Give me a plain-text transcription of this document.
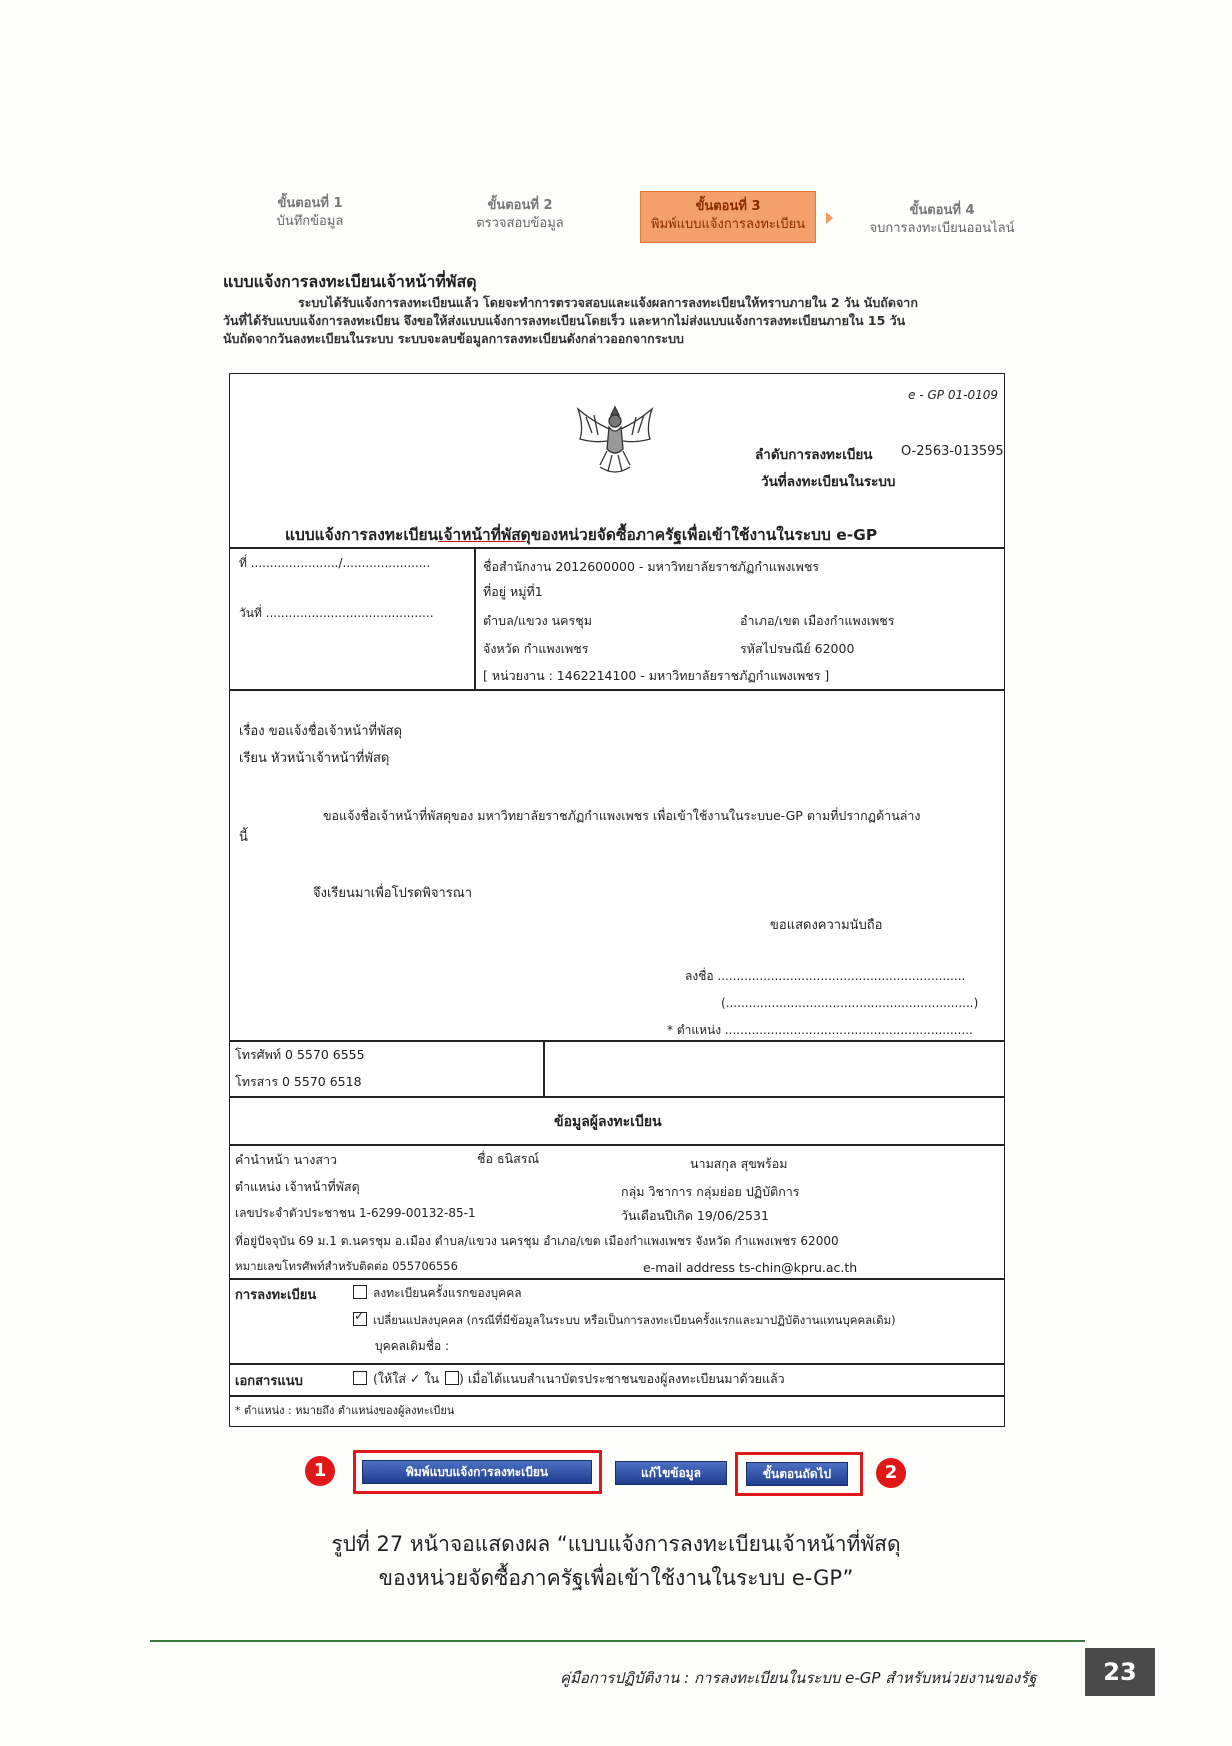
ขั้นตอนที่ 1
บันทึกข้อมูล
ขั้นตอนที่ 2
ตรวจสอบข้อมูล
ขั้นตอนที่ 3
พิมพ์แบบแจ้งการลงทะเบียน
ขั้นตอนที่ 4
จบการลงทะเบียนออนไลน์
แบบแจ้งการลงทะเบียนเจ้าหน้าที่พัสดุ
ระบบได้รับแจ้งการลงทะเบียนแล้ว โดยจะทำการตรวจสอบและแจ้งผลการลงทะเบียนให้ทราบภายใน 2 วัน นับถัดจาก
วันที่ได้รับแบบแจ้งการลงทะเบียน จึงขอให้ส่งแบบแจ้งการลงทะเบียนโดยเร็ว และหากไม่ส่งแบบแจ้งการลงทะเบียนภายใน 15 วัน
นับถัดจากวันลงทะเบียนในระบบ ระบบจะลบข้อมูลการลงทะเบียนดังกล่าวออกจากระบบ
e - GP 01-0109
ลำดับการลงทะเบียน O-2563-013595
วันที่ลงทะเบียนในระบบ
แบบแจ้งการลงทะเบียนเจ้าหน้าที่พัสดุของหน่วยจัดซื้อภาครัฐเพื่อเข้าใช้งานในระบบ e-GP
ที่ ......................./.......................
วันที่ ............................................
ชื่อสำนักงาน 2012600000 - มหาวิทยาลัยราชภัฏกำแพงเพชร
ที่อยู่ หมู่ที่1
ตำบล/แขวง นครชุม	อำเภอ/เขต เมืองกำแพงเพชร
จังหวัด กำแพงเพชร	รหัสไปรษณีย์ 62000
[ หน่วยงาน : 1462214100 - มหาวิทยาลัยราชภัฏกำแพงเพชร ]
เรื่อง ขอแจ้งชื่อเจ้าหน้าที่พัสดุ
เรียน หัวหน้าเจ้าหน้าที่พัสดุ
ขอแจ้งชื่อเจ้าหน้าที่พัสดุของ มหาวิทยาลัยราชภัฏกำแพงเพชร เพื่อเข้าใช้งานในระบบe-GP ตามที่ปรากฏด้านล่าง
นี้
จึงเรียนมาเพื่อโปรดพิจารณา
ขอแสดงความนับถือ
ลงชื่อ .................................................................
(.................................................................)
* ตำแหน่ง .................................................................
โทรศัพท์ 0 5570 6555
โทรสาร 0 5570 6518
ข้อมูลผู้ลงทะเบียน
คำนำหน้า นางสาว	ชื่อ ธนิสรณ์	นามสกุล สุขพร้อม
ตำแหน่ง เจ้าหน้าที่พัสดุ	กลุ่ม วิชาการ กลุ่มย่อย ปฏิบัติการ
เลขประจำตัวประชาชน 1-6299-00132-85-1	วันเดือนปีเกิด 19/06/2531
ที่อยู่ปัจจุบัน 69 ม.1 ต.นครชุม อ.เมือง ตำบล/แขวง นครชุม อำเภอ/เขต เมืองกำแพงเพชร จังหวัด กำแพงเพชร 62000
หมายเลขโทรศัพท์สำหรับติดต่อ 055706556	e-mail address ts-chin@kpru.ac.th
การลงทะเบียน	ลงทะเบียนครั้งแรกของบุคคล
✓เปลี่ยนแปลงบุคคล (กรณีที่มีข้อมูลในระบบ หรือเป็นการลงทะเบียนครั้งแรกและมาปฏิบัติงานแทนบุคคลเดิม)
บุคคลเดิมชื่อ :
เอกสารแนบ	(ให้ใส่ ✓ ใน ) เมื่อได้แนบสำเนาบัตรประชาชนของผู้ลงทะเบียนมาด้วยแล้ว
* ตำแหน่ง : หมายถึง ตำแหน่งของผู้ลงทะเบียน
1	พิมพ์แบบแจ้งการลงทะเบียน	แก้ไขข้อมูล	ขั้นตอนถัดไป	2
รูปที่ 27 หน้าจอแสดงผล “แบบแจ้งการลงทะเบียนเจ้าหน้าที่พัสดุ
ของหน่วยจัดซื้อภาครัฐเพื่อเข้าใช้งานในระบบ e-GP”
คู่มือการปฏิบัติงาน : การลงทะเบียนในระบบ e-GP สำหรับหน่วยงานของรัฐ	23
